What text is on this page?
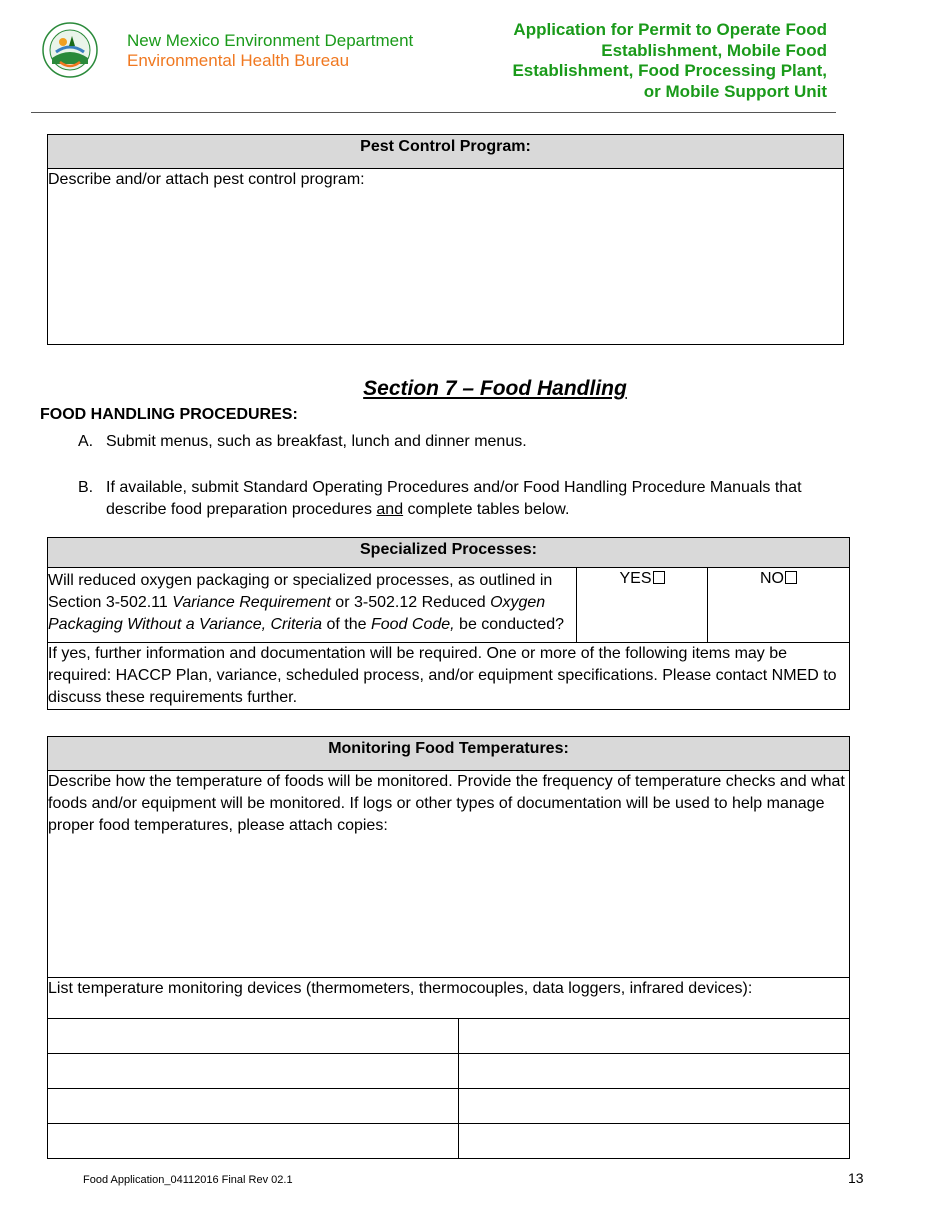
New Mexico Environment Department
Environmental Health Bureau
Application for Permit to Operate Food
Establishment, Mobile Food
Establishment, Food Processing Plant,
or Mobile Support Unit
Pest Control Program:
Describe and/or attach pest control program:
Section 7 – Food Handling
FOOD HANDLING PROCEDURES:
A. Submit menus, such as breakfast, lunch and dinner menus.
B. If available, submit Standard Operating Procedures and/or Food Handling Procedure Manuals that describe food preparation procedures and complete tables below.
Specialized Processes:
Will reduced oxygen packaging or specialized processes, as outlined in Section 3-502.11 Variance Requirement or 3-502.12 Reduced Oxygen Packaging Without a Variance, Criteria of the Food Code, be conducted?	YES	NO
If yes, further information and documentation will be required. One or more of the following items may be required: HACCP Plan, variance, scheduled process, and/or equipment specifications. Please contact NMED to discuss these requirements further.
Monitoring Food Temperatures:	
Describe how the temperature of foods will be monitored. Provide the frequency of temperature checks and what foods and/or equipment will be monitored. If logs or other types of documentation will be used to help manage proper food temperatures, please attach copies:	
List temperature monitoring devices (thermometers, thermocouples, data loggers, infrared devices):	

Food Application_04112016 Final Rev 02.1	13
